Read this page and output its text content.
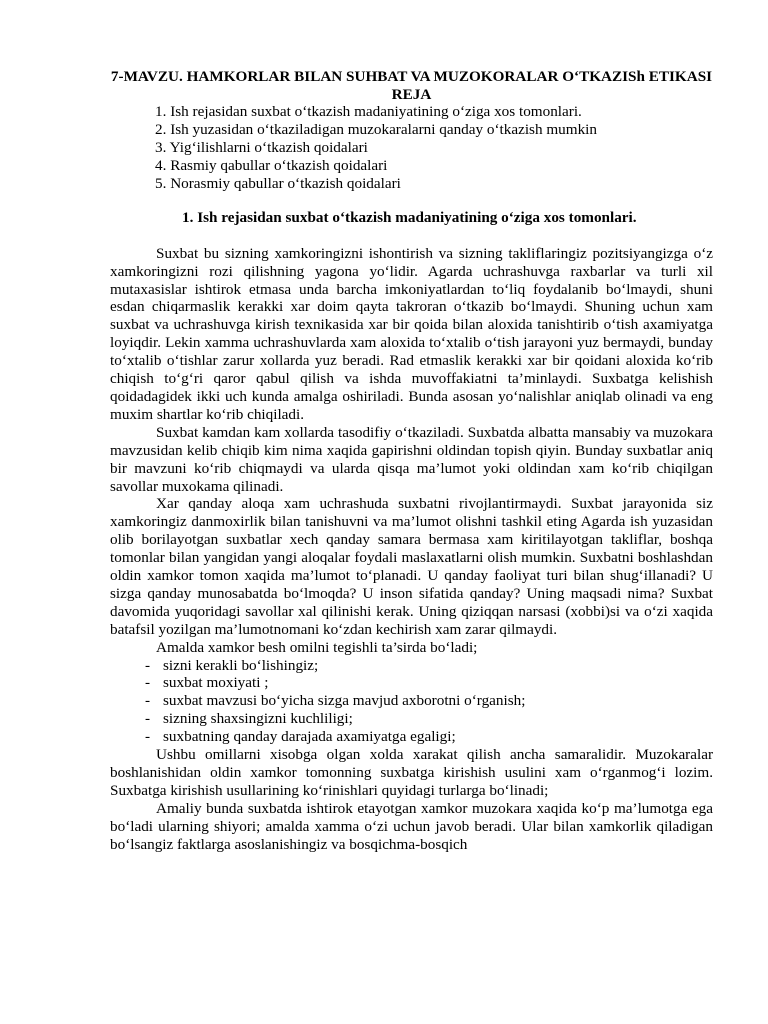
7-MAVZU. HAMKORLAR BILAN SUHBAT VA MUZOKORALAR O‘TKAZISh ETIKASI

REJA

1. Ish rejasidan suxbat o‘tkazish madaniyatining o‘ziga xos tomonlari.
2. Ish yuzasidan o‘tkaziladigan muzokaralarni qanday o‘tkazish mumkin
3. Yig‘ilishlarni o‘tkazish qoidalari
4. Rasmiy qabullar o‘tkazish qoidalari
5. Norasmiy qabullar o‘tkazish qoidalari

1. Ish rejasidan suxbat o‘tkazish madaniyatining o‘ziga xos tomonlari.

Suxbat bu sizning xamkoringizni ishontirish va sizning takliflaringiz pozitsiyangizga o‘z xamkoringizni rozi qilishning yagona yo‘lidir. Agarda uchrashuvga raxbarlar va turli xil mutaxasislar ishtirok etmasa unda barcha imkoniyatlardan to‘liq foydalanib bo‘lmaydi, shuni esdan chiqarmaslik kerakki xar doim qayta takroran o‘tkazib bo‘lmaydi. Shuning uchun xam suxbat va uchrashuvga kirish texnikasida xar bir qoida bilan aloxida tanishtirib o‘tish axamiyatga loyiqdir. Lekin xamma uchrashuvlarda xam aloxida to‘xtalib o‘tish jarayoni yuz bermaydi, bunday to‘xtalib o‘tishlar zarur xollarda yuz beradi. Rad etmaslik kerakki xar bir qoidani aloxida ko‘rib chiqish to‘g‘ri qaror qabul qilish va ishda muvoffakiatni ta’minlaydi. Suxbatga kelishish qoidadagidek ikki uch kunda amalga oshiriladi. Bunda asosan yo‘nalishlar aniqlab olinadi va eng muxim shartlar ko‘rib chiqiladi.

Suxbat kamdan kam xollarda tasodifiy o‘tkaziladi. Suxbatda albatta mansabiy va muzokara mavzusidan kelib chiqib kim nima xaqida gapirishni oldindan topish qiyin. Bunday suxbatlar aniq bir mavzuni ko‘rib chiqmaydi va ularda qisqa ma’lumot yoki oldindan xam ko‘rib chiqilgan savollar muxokama qilinadi.

Xar qanday aloqa xam uchrashuda suxbatni rivojlantirmaydi. Suxbat jarayonida siz xamkoringiz danmoxirlik bilan tanishuvni va ma’lumot olishni tashkil eting Agarda ish yuzasidan olib borilayotgan suxbatlar xech qanday samara bermasa xam kiritilayotgan takliflar, boshqa tomonlar bilan yangidan yangi aloqalar foydali maslaxatlarni olish mumkin. Suxbatni boshlashdan oldin xamkor tomon xaqida ma’lumot to‘planadi. U qanday faoliyat turi bilan shug‘illanadi? U sizga qanday munosabatda bo‘lmoqda? U inson sifatida qanday? Uning maqsadi nima? Suxbat davomida yuqoridagi savollar xal qilinishi kerak. Uning qiziqqan narsasi (xobbi)si va o‘zi xaqida batafsil yozilgan ma’lumotnomani ko‘zdan kechirish xam zarar qilmaydi.

Amalda xamkor besh omilni tegishli ta’sirda bo‘ladi;

- sizni kerakli bo‘lishingiz;
- suxbat moxiyati ;
- suxbat mavzusi bo‘yicha sizga mavjud axborotni o‘rganish;
- sizning shaxsingizni kuchliligi;
- suxbatning qanday darajada axamiyatga egaligi;

Ushbu omillarni xisobga olgan xolda xarakat qilish ancha samaralidir. Muzokaralar boshlanishidan oldin xamkor tomonning suxbatga kirishish usulini xam o‘rganmog‘i lozim. Suxbatga kirishish usullarining ko‘rinishlari quyidagi turlarga bo‘linadi;

Amaliy bunda suxbatda ishtirok etayotgan xamkor muzokara xaqida ko‘p ma’lumotga ega bo‘ladi ularning shiyori; amalda xamma o‘zi uchun javob beradi. Ular bilan xamkorlik qiladigan bo‘lsangiz faktlarga asoslanishingiz va bosqichma-bosqich
